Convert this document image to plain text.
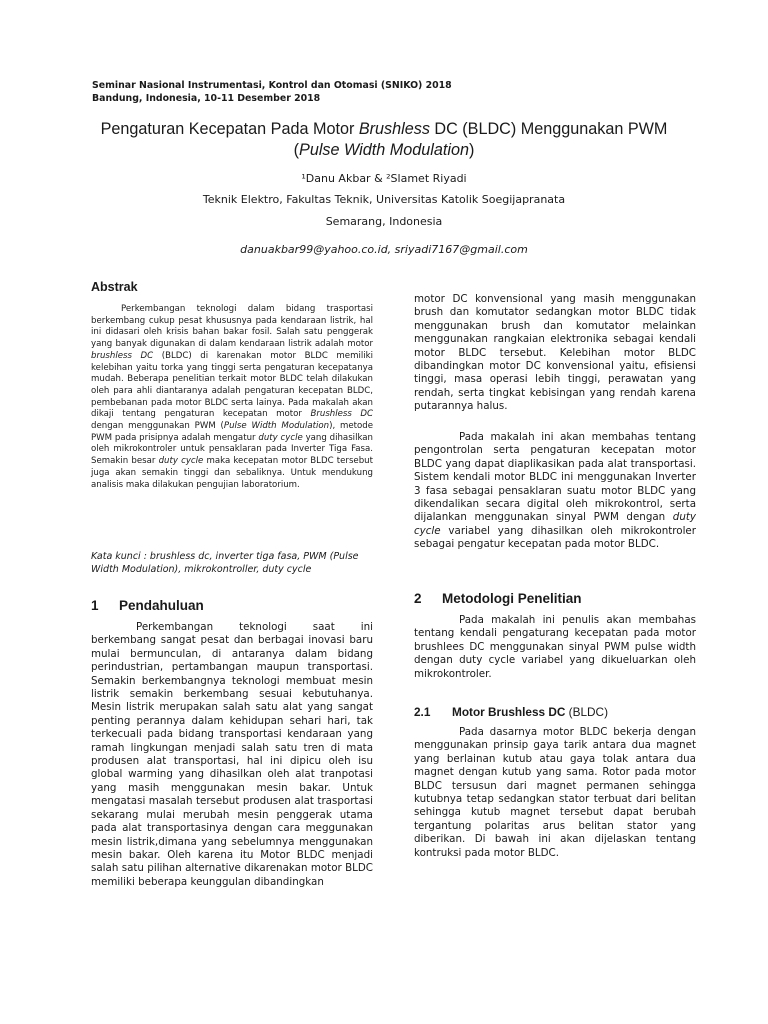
Seminar Nasional Instrumentasi, Kontrol dan Otomasi (SNIKO) 2018
Bandung, Indonesia, 10-11 Desember 2018
Pengaturan Kecepatan Pada Motor Brushless DC (BLDC) Menggunakan PWM
(Pulse Width Modulation)
¹Danu Akbar & ²Slamet Riyadi
Teknik Elektro, Fakultas Teknik, Universitas Katolik Soegijapranata
Semarang, Indonesia
danuakbar99@yahoo.co.id, sriyadi7167@gmail.com
Abstrak

Perkembangan teknologi dalam bidang trasportasi berkembang cukup pesat khususnya pada kendaraan listrik, hal ini didasari oleh krisis bahan bakar fosil. Salah satu penggerak yang banyak digunakan di dalam kendaraan listrik adalah motor brushless DC (BLDC) di karenakan motor BLDC memiliki kelebihan yaitu torka yang tinggi serta pengaturan kecepatanya mudah. Beberapa penelitian terkait motor BLDC telah dilakukan oleh para ahli diantaranya adalah pengaturan kecepatan BLDC, pembebanan pada motor BLDC serta lainya. Pada makalah akan dikaji tentang pengaturan kecepatan motor Brushless DC dengan menggunakan PWM (Pulse Width Modulation), metode PWM pada prisipnya adalah mengatur duty cycle yang dihasilkan oleh mikrokontroler untuk pensaklaran pada Inverter Tiga Fasa. Semakin besar duty cycle maka kecepatan motor BLDC tersebut juga akan semakin tinggi dan sebaliknya. Untuk mendukung analisis maka dilakukan pengujian laboratorium.

Kata kunci : brushless dc, inverter tiga fasa, PWM (Pulse Width Modulation), mikrokontroller, duty cycle

1 Pendahuluan

Perkembangan teknologi saat ini berkembang sangat pesat dan berbagai inovasi baru mulai bermunculan, di antaranya dalam bidang perindustrian, pertambangan maupun transportasi. Semakin berkembangnya teknologi membuat mesin listrik semakin berkembang sesuai kebutuhanya. Mesin listrik merupakan salah satu alat yang sangat penting perannya dalam kehidupan sehari hari, tak terkecuali pada bidang transportasi kendaraan yang ramah lingkungan menjadi salah satu tren di mata produsen alat transportasi, hal ini dipicu oleh isu global warming yang dihasilkan oleh alat tranpotasi yang masih menggunakan mesin bakar. Untuk mengatasi masalah tersebut produsen alat trasportasi sekarang mulai merubah mesin penggerak utama pada alat transportasinya dengan cara meggunakan mesin listrik,dimana yang sebelumnya menggunakan mesin bakar. Oleh karena itu Motor BLDC menjadi salah satu pilihan alternative dikarenakan motor BLDC memiliki beberapa keunggulan dibandingkan

motor DC konvensional yang masih menggunakan brush dan komutator sedangkan motor BLDC tidak menggunakan brush dan komutator melainkan menggunakan rangkaian elektronika sebagai kendali motor BLDC tersebut. Kelebihan motor BLDC dibandingkan motor DC konvensional yaitu, efisiensi tinggi, masa operasi lebih tinggi, perawatan yang rendah, serta tingkat kebisingan yang rendah karena putarannya halus.

Pada makalah ini akan membahas tentang pengontrolan serta pengaturan kecepatan motor BLDC yang dapat diaplikasikan pada alat transportasi. Sistem kendali motor BLDC ini menggunakan Inverter 3 fasa sebagai pensaklaran suatu motor BLDC yang dikendalikan secara digital oleh mikrokontrol, serta dijalankan menggunakan sinyal PWM dengan duty cycle variabel yang dihasilkan oleh mikrokontroler sebagai pengatur kecepatan pada motor BLDC.

2 Metodologi Penelitian

Pada makalah ini penulis akan membahas tentang kendali pengaturang kecepatan pada motor brushlees DC menggunakan sinyal PWM pulse width dengan duty cycle variabel yang dikueluarkan oleh mikrokontroler.

2.1 Motor Brushless DC (BLDC)

Pada dasarnya motor BLDC bekerja dengan menggunakan prinsip gaya tarik antara dua magnet yang berlainan kutub atau gaya tolak antara dua magnet dengan kutub yang sama. Rotor pada motor BLDC tersusun dari magnet permanen sehingga kutubnya tetap sedangkan stator terbuat dari belitan sehingga kutub magnet tersebut dapat berubah tergantung polaritas arus belitan stator yang diberikan. Di bawah ini akan dijelaskan tentang kontruksi pada motor BLDC.
